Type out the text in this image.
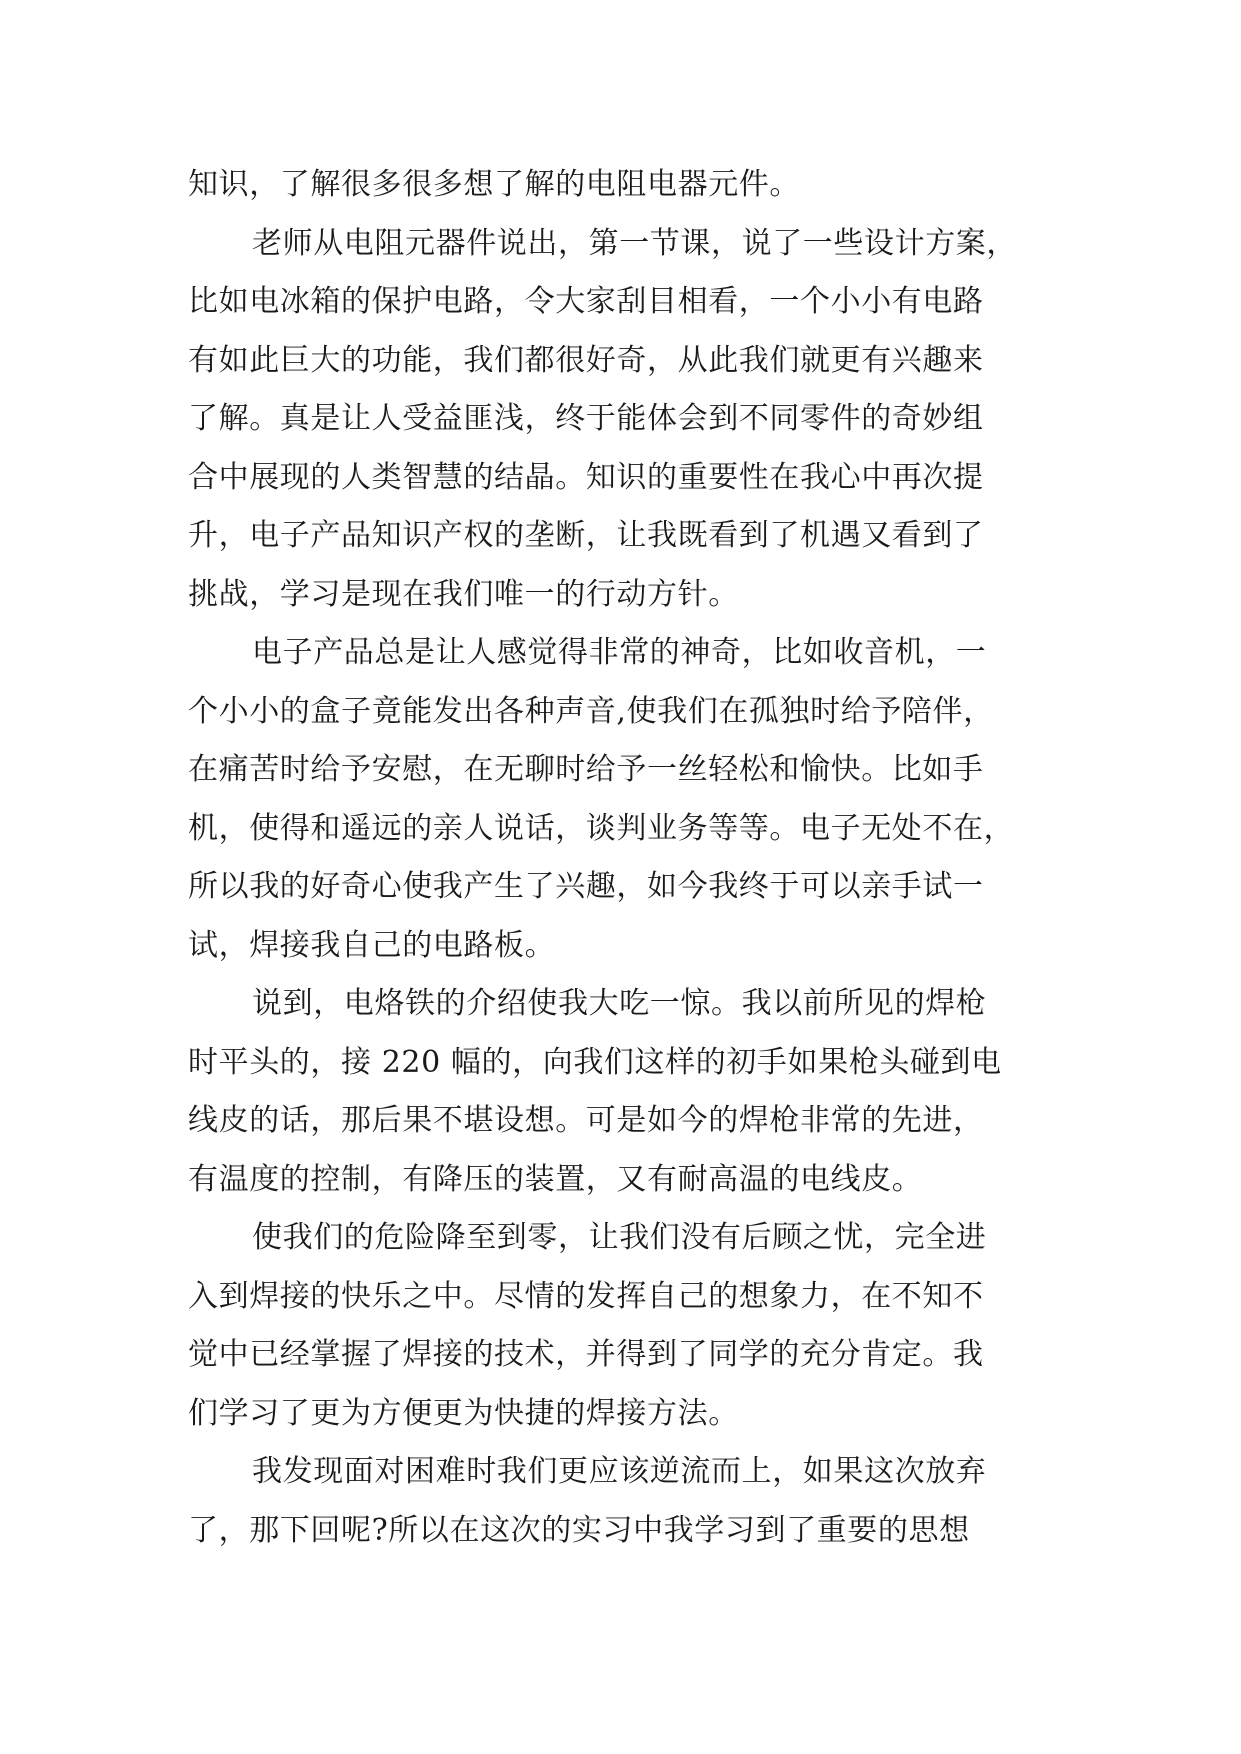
知识，了解很多很多想了解的电阻电器元件。
老师从电阻元器件说出，第一节课，说了一些设计方案，
比如电冰箱的保护电路，令大家刮目相看，一个小小有电路
有如此巨大的功能，我们都很好奇，从此我们就更有兴趣来
了解。真是让人受益匪浅，终于能体会到不同零件的奇妙组
合中展现的人类智慧的结晶。知识的重要性在我心中再次提
升，电子产品知识产权的垄断，让我既看到了机遇又看到了
挑战，学习是现在我们唯一的行动方针。
电子产品总是让人感觉得非常的神奇，比如收音机，一
个小小的盒子竟能发出各种声音,使我们在孤独时给予陪伴，
在痛苦时给予安慰，在无聊时给予一丝轻松和愉快。比如手
机，使得和遥远的亲人说话，谈判业务等等。电子无处不在，
所以我的好奇心使我产生了兴趣，如今我终于可以亲手试一
试，焊接我自己的电路板。
说到，电烙铁的介绍使我大吃一惊。我以前所见的焊枪
时平头的，接 220 幅的，向我们这样的初手如果枪头碰到电
线皮的话，那后果不堪设想。可是如今的焊枪非常的先进，
有温度的控制，有降压的装置，又有耐高温的电线皮。
使我们的危险降至到零，让我们没有后顾之忧，完全进
入到焊接的快乐之中。尽情的发挥自己的想象力，在不知不
觉中已经掌握了焊接的技术，并得到了同学的充分肯定。我
们学习了更为方便更为快捷的焊接方法。
我发现面对困难时我们更应该逆流而上，如果这次放弃
了，那下回呢?所以在这次的实习中我学习到了重要的思想
